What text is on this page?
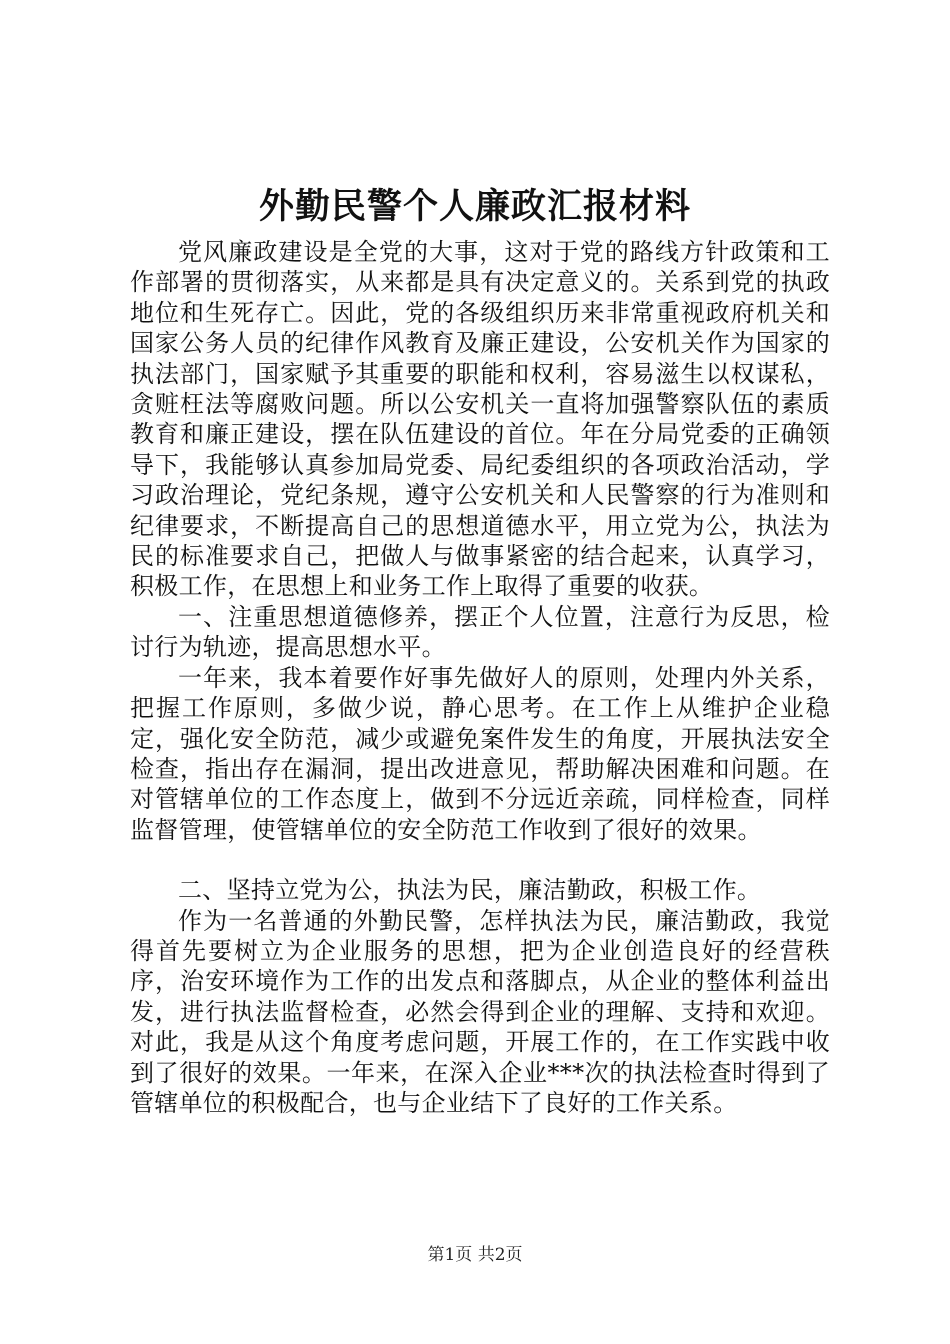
外勤民警个人廉政汇报材料

党风廉政建设是全党的大事，这对于党的路线方针政策和工作部署的贯彻落实，从来都是具有决定意义的。关系到党的执政地位和生死存亡。因此，党的各级组织历来非常重视政府机关和国家公务人员的纪律作风教育及廉正建设，公安机关作为国家的执法部门，国家赋予其重要的职能和权利，容易滋生以权谋私，贪赃枉法等腐败问题。所以公安机关一直将加强警察队伍的素质教育和廉正建设，摆在队伍建设的首位。年在分局党委的正确领导下，我能够认真参加局党委、局纪委组织的各项政治活动，学习政治理论，党纪条规，遵守公安机关和人民警察的行为准则和纪律要求，不断提高自己的思想道德水平，用立党为公，执法为民的标准要求自己，把做人与做事紧密的结合起来，认真学习，积极工作，在思想上和业务工作上取得了重要的收获。

一、注重思想道德修养，摆正个人位置，注意行为反思，检讨行为轨迹，提高思想水平。

一年来，我本着要作好事先做好人的原则，处理内外关系，把握工作原则，多做少说，静心思考。在工作上从维护企业稳定，强化安全防范，减少或避免案件发生的角度，开展执法安全检查，指出存在漏洞，提出改进意见，帮助解决困难和问题。在对管辖单位的工作态度上，做到不分远近亲疏，同样检查，同样监督管理，使管辖单位的安全防范工作收到了很好的效果。

二、坚持立党为公，执法为民，廉洁勤政，积极工作。

作为一名普通的外勤民警，怎样执法为民，廉洁勤政，我觉得首先要树立为企业服务的思想，把为企业创造良好的经营秩序，治安环境作为工作的出发点和落脚点，从企业的整体利益出发，进行执法监督检查，必然会得到企业的理解、支持和欢迎。对此，我是从这个角度考虑问题，开展工作的，在工作实践中收到了很好的效果。一年来，在深入企业***次的执法检查时得到了管辖单位的积极配合，也与企业结下了良好的工作关系。

第1页 共2页
